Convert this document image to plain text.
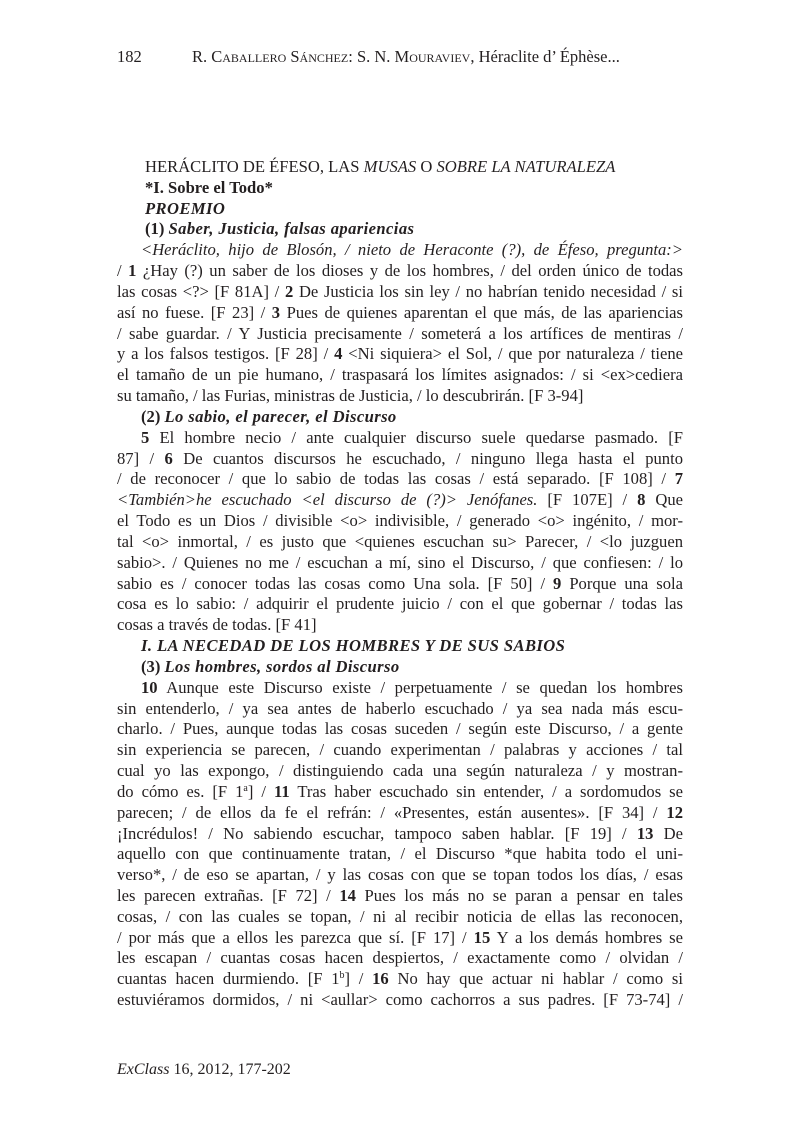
182	R. Caballero Sánchez: S. N. Mouraviev, Héraclite d’ Éphèse...
HERÁCLITO DE ÉFESO, LAS MUSAS O SOBRE LA NATURALEZA
*I. Sobre el Todo*
PROEMIO
(1) Saber, Justicia, falsas apariencias
<Heráclito, hijo de Blosón, / nieto de Heraconte (?), de Éfeso, pregunta:>
/ 1 ¿Hay (?) un saber de los dioses y de los hombres, / del orden único de todas
las cosas <?> [F 81A] / 2 De Justicia los sin ley / no habrían tenido necesidad / si
así no fuese. [F 23] / 3 Pues de quienes aparentan el que más, de las apariencias
/ sabe guardar. / Y Justicia precisamente / someterá a los artífices de mentiras /
y a los falsos testigos. [F 28] / 4 <Ni siquiera> el Sol, / que por naturaleza / tiene
el tamaño de un pie humano, / traspasará los límites asignados: / si <ex>cediera
su tamaño, / las Furias, ministras de Justicia, / lo descubrirán. [F 3-94]
(2) Lo sabio, el parecer, el Discurso
5 El hombre necio / ante cualquier discurso suele quedarse pasmado. [F
87] / 6 De cuantos discursos he escuchado, / ninguno llega hasta el punto
/ de reconocer / que lo sabio de todas las cosas / está separado. [F 108] / 7
<También>he escuchado <el discurso de (?)> Jenófanes. [F 107E] / 8 Que
el Todo es un Dios / divisible <o> indivisible, / generado <o> ingénito, / mor-
tal <o> inmortal, / es justo que <quienes escuchan su> Parecer, / <lo juzguen
sabio>. / Quienes no me / escuchan a mí, sino el Discurso, / que confiesen: / lo
sabio es / conocer todas las cosas como Una sola. [F 50] / 9 Porque una sola
cosa es lo sabio: / adquirir el prudente juicio / con el que gobernar / todas las
cosas a través de todas. [F 41]
I. LA NECEDAD DE LOS HOMBRES Y DE SUS SABIOS
(3) Los hombres, sordos al Discurso
10 Aunque este Discurso existe / perpetuamente / se quedan los hombres
sin entenderlo, / ya sea antes de haberlo escuchado / ya sea nada más escu-
charlo. / Pues, aunque todas las cosas suceden / según este Discurso, / a gente
sin experiencia se parecen, / cuando experimentan / palabras y acciones / tal
cual yo las expongo, / distinguiendo cada una según naturaleza / y mostran-
do cómo es. [F 1$^a$] / 11 Tras haber escuchado sin entender, / a sordomudos se
parecen; / de ellos da fe el refrán: / «Presentes, están ausentes». [F 34] / 12
¡Incrédulos! / No sabiendo escuchar, tampoco saben hablar. [F 19] / 13 De
aquello con que continuamente tratan, / el Discurso *que habita todo el uni-
verso*, / de eso se apartan, / y las cosas con que se topan todos los días, / esas
les parecen extrañas. [F 72] / 14 Pues los más no se paran a pensar en tales
cosas, / con las cuales se topan, / ni al recibir noticia de ellas las reconocen,
/ por más que a ellos les parezca que sí. [F 17] / 15 Y a los demás hombres se
les escapan / cuantas cosas hacen despiertos, / exactamente como / olvidan /
cuantas hacen durmiendo. [F 1$^b$] / 16 No hay que actuar ni hablar / como si
estuviéramos dormidos, / ni <aullar> como cachorros a sus padres. [F 73-74] /
ExClass 16, 2012, 177-202
